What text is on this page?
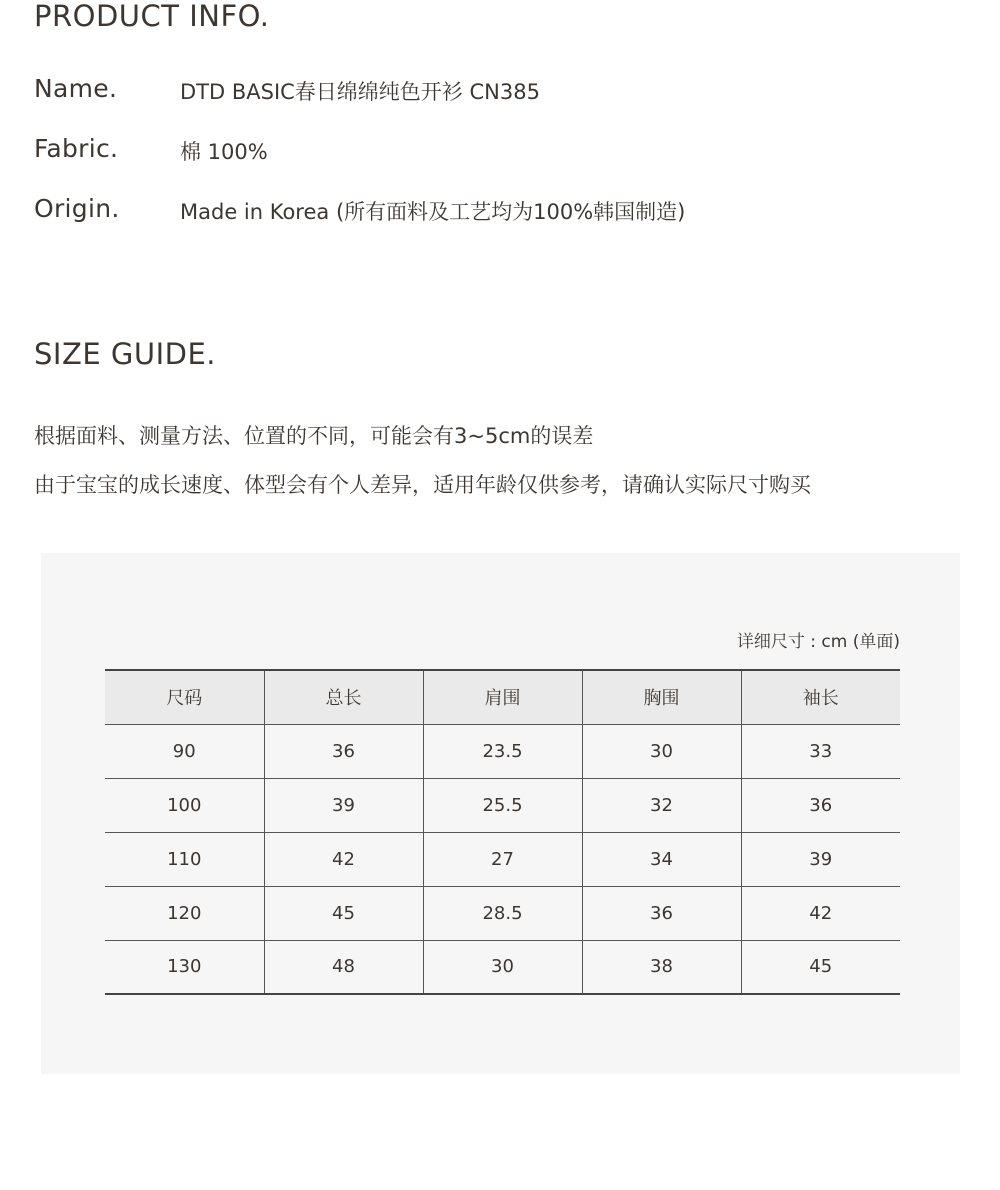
PRODUCT INFO.
Name.	DTD BASIC春日绵绵纯色开衫 CN385
Fabric.	棉 100%
Origin.	Made in Korea (所有面料及工艺均为100%韩国制造)
SIZE GUIDE.

根据面料、测量方法、位置的不同，可能会有3~5cm的误差

由于宝宝的成长速度、体型会有个人差异，适用年龄仅供参考，请确认实际尺寸购买

详细尺寸 : cm (单面)
尺码	总长	肩围	胸围	袖长
90	36	23.5	30	33
100	39	25.5	32	36
110	42	27	34	39
120	45	28.5	36	42
130	48	30	38	45
